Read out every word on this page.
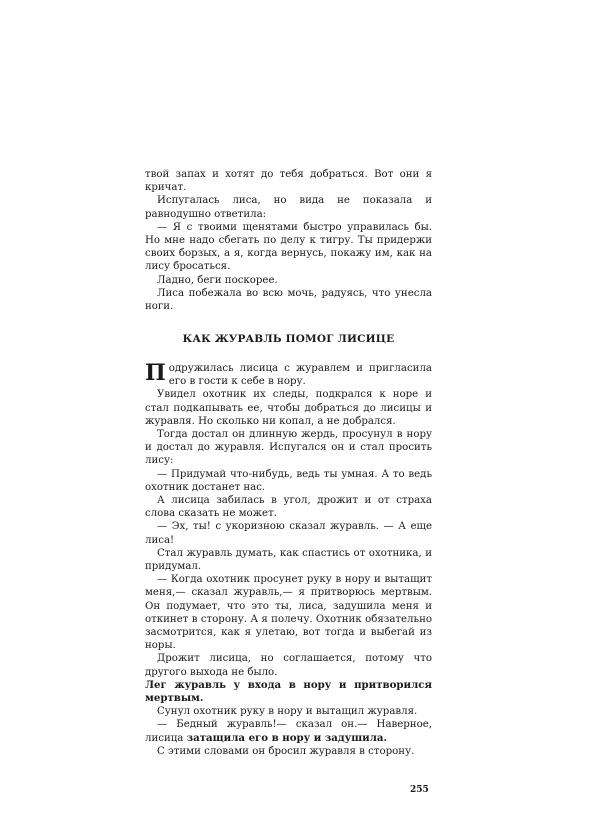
твой запах и хотят до тебя добраться. Вот они я кричат.

Испугалась лиса, но вида не показала и равнодушно ответила:

— Я с твоими щенятами быстро управилась бы. Но мне надо сбегать по делу к тигру. Ты придержи своих борзых, а я, когда вернусь, покажу им, как на лису бросаться.

Ладно, беги поскорее.

Лиса побежала во всю мочь, радуясь, что унесла ноги.

КАК ЖУРАВЛЬ ПОМОГ ЛИСИЦЕ

Подружилась лисица с журавлем и пригласила его в гости к себе в нору.

Увидел охотник их следы, подкрался к норе и стал подкапывать ее, чтобы добраться до лисицы и журавля. Но сколько ни копал, а не добрался.

Тогда достал он длинную жердь, просунул в нору и достал до журавля. Испугался он и стал просить лису:

— Придумай что-нибудь, ведь ты умная. А то ведь охотник достанет нас.

А лисица забилась в угол, дрожит и от страха слова сказать не может.

— Эх, ты! с укоризною сказал журавль. — А еще лиса!

Стал журавль думать, как спастись от охотника, и придумал.

— Когда охотник просунет руку в нору и вытащит меня,— сказал журавль,— я притворюсь мертвым. Он подумает, что это ты, лиса, задушила меня и откинет в сторону. А я полечу. Охотник обязательно засмотрится, как я улетаю, вот тогда и выбегай из норы.

Дрожит лисица, но соглашается, потому что другого выхода не было.

Лег журавль у входа в нору и притворился мертвым.

Сунул охотник руку в нору и вытащил журавля.

— Бедный журавль!— сказал он.— Наверное, лисица затащила его в нору и задушила.

С этими словами он бросил журавля в сторону.

255
